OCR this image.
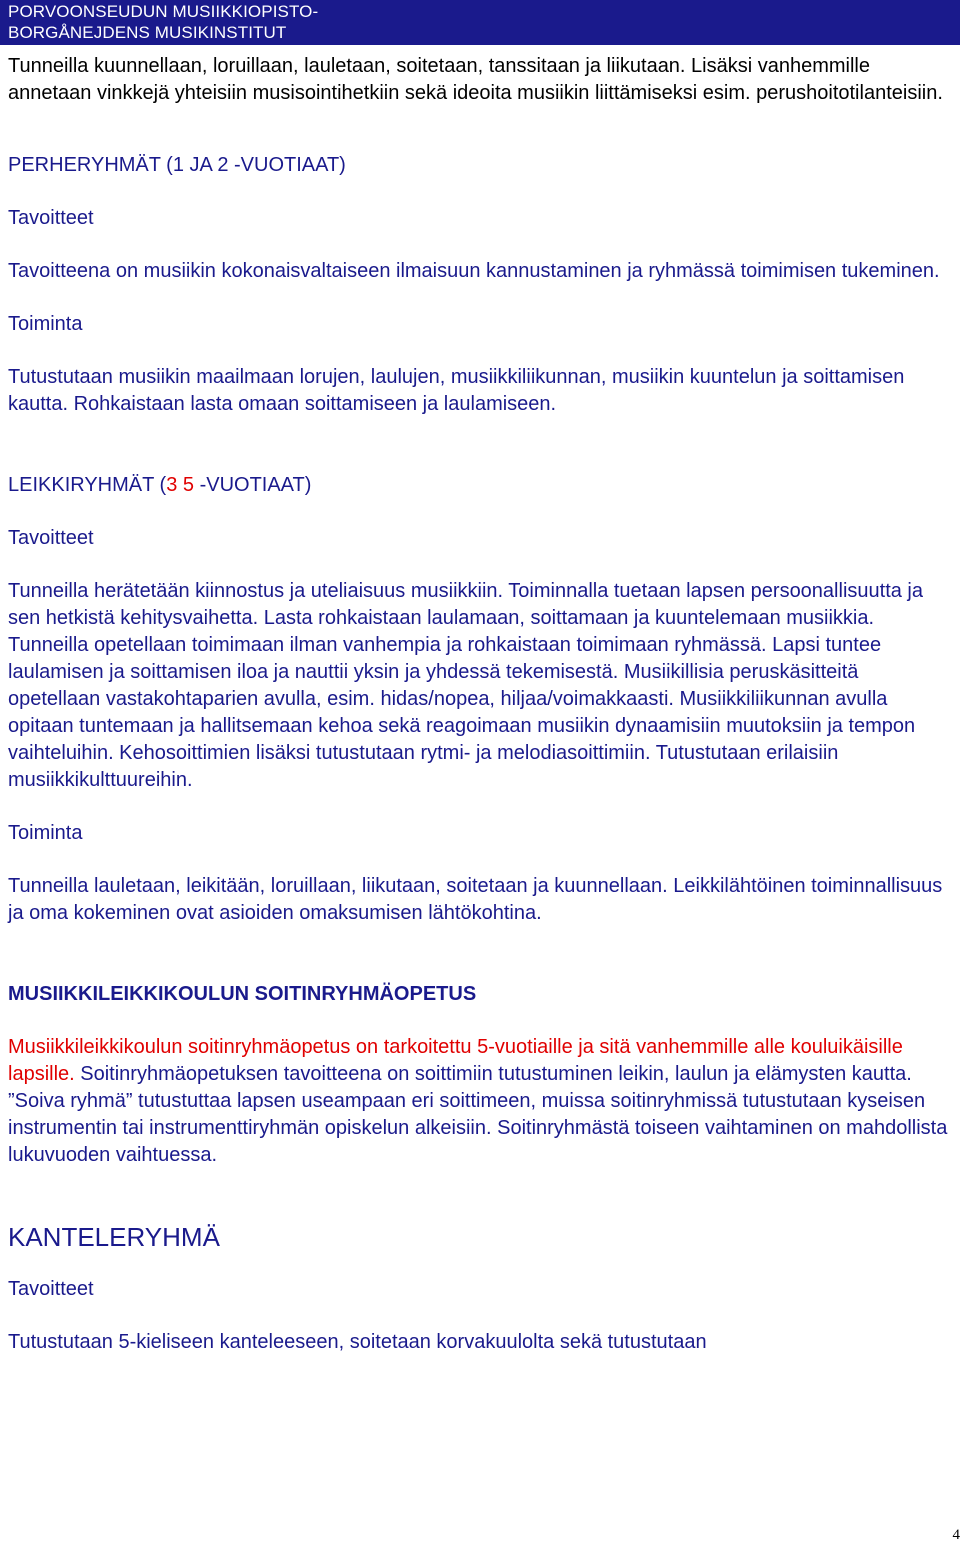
PORVOONSEUDUN MUSIIKKIOPISTO-
BORGÅNEJDENS MUSIKINSTITUT

Tunneilla kuunnellaan, loruillaan, lauletaan, soitetaan, tanssitaan ja liikutaan. Lisäksi vanhemmille annetaan vinkkejä yhteisiin musisointihetkiin sekä ideoita musiikin liittämiseksi esim. perushoitotilanteisiin.

PERHERYHMÄT (1 JA 2 -VUOTIAAT)

Tavoitteet

Tavoitteena on musiikin kokonaisvaltaiseen ilmaisuun kannustaminen ja ryhmässä toimimisen tukeminen.

Toiminta

Tutustutaan musiikin maailmaan lorujen, laulujen, musiikkiliikunnan, musiikin kuuntelun ja soittamisen kautta. Rohkaistaan lasta omaan soittamiseen ja laulamiseen.

LEIKKIRYHMÄT (3 5 -VUOTIAAT)

Tavoitteet

Tunneilla herätetään kiinnostus ja uteliaisuus musiikkiin. Toiminnalla tuetaan lapsen persoonallisuutta ja sen hetkistä kehitysvaihetta. Lasta rohkaistaan laulamaan, soittamaan ja kuuntelemaan musiikkia. Tunneilla opetellaan toimimaan ilman vanhempia ja rohkaistaan toimimaan ryhmässä. Lapsi tuntee laulamisen ja soittamisen iloa ja nauttii yksin ja yhdessä tekemisestä. Musiikillisia peruskäsitteitä opetellaan vastakohtaparien avulla, esim. hidas/nopea, hiljaa/voimakkaasti. Musiikkiliikunnan avulla opitaan tuntemaan ja hallitsemaan kehoa sekä reagoimaan musiikin dynaamisiin muutoksiin ja tempon vaihteluihin. Kehosoittimien lisäksi tutustutaan rytmi- ja melodiasoittimiin. Tutustutaan erilaisiin musiikkikulttuureihin.

Toiminta

Tunneilla lauletaan, leikitään, loruillaan, liikutaan, soitetaan ja kuunnellaan. Leikkilähtöinen toiminnallisuus ja oma kokeminen ovat asioiden omaksumisen lähtökohtina.

MUSIIKKILEIKKIKOULUN SOITINRYHMÄOPETUS

Musiikkileikkikoulun soitinryhmäopetus on tarkoitettu 5-vuotiaille ja sitä vanhemmille alle kouluikäisille lapsille. Soitinryhmäopetuksen tavoitteena on soittimiin tutustuminen leikin, laulun ja elämysten kautta. ”Soiva ryhmä” tutustuttaa lapsen useampaan eri soittimeen, muissa soitinryhmissä tutustutaan kyseisen instrumentin tai instrumenttiryhmän opiskelun alkeisiin. Soitinryhmästä toiseen vaihtaminen on mahdollista lukuvuoden vaihtuessa.

KANTELERYHMÄ

Tavoitteet

Tutustutaan 5-kieliseen kanteleeseen, soitetaan korvakuulolta sekä tutustutaan

4
